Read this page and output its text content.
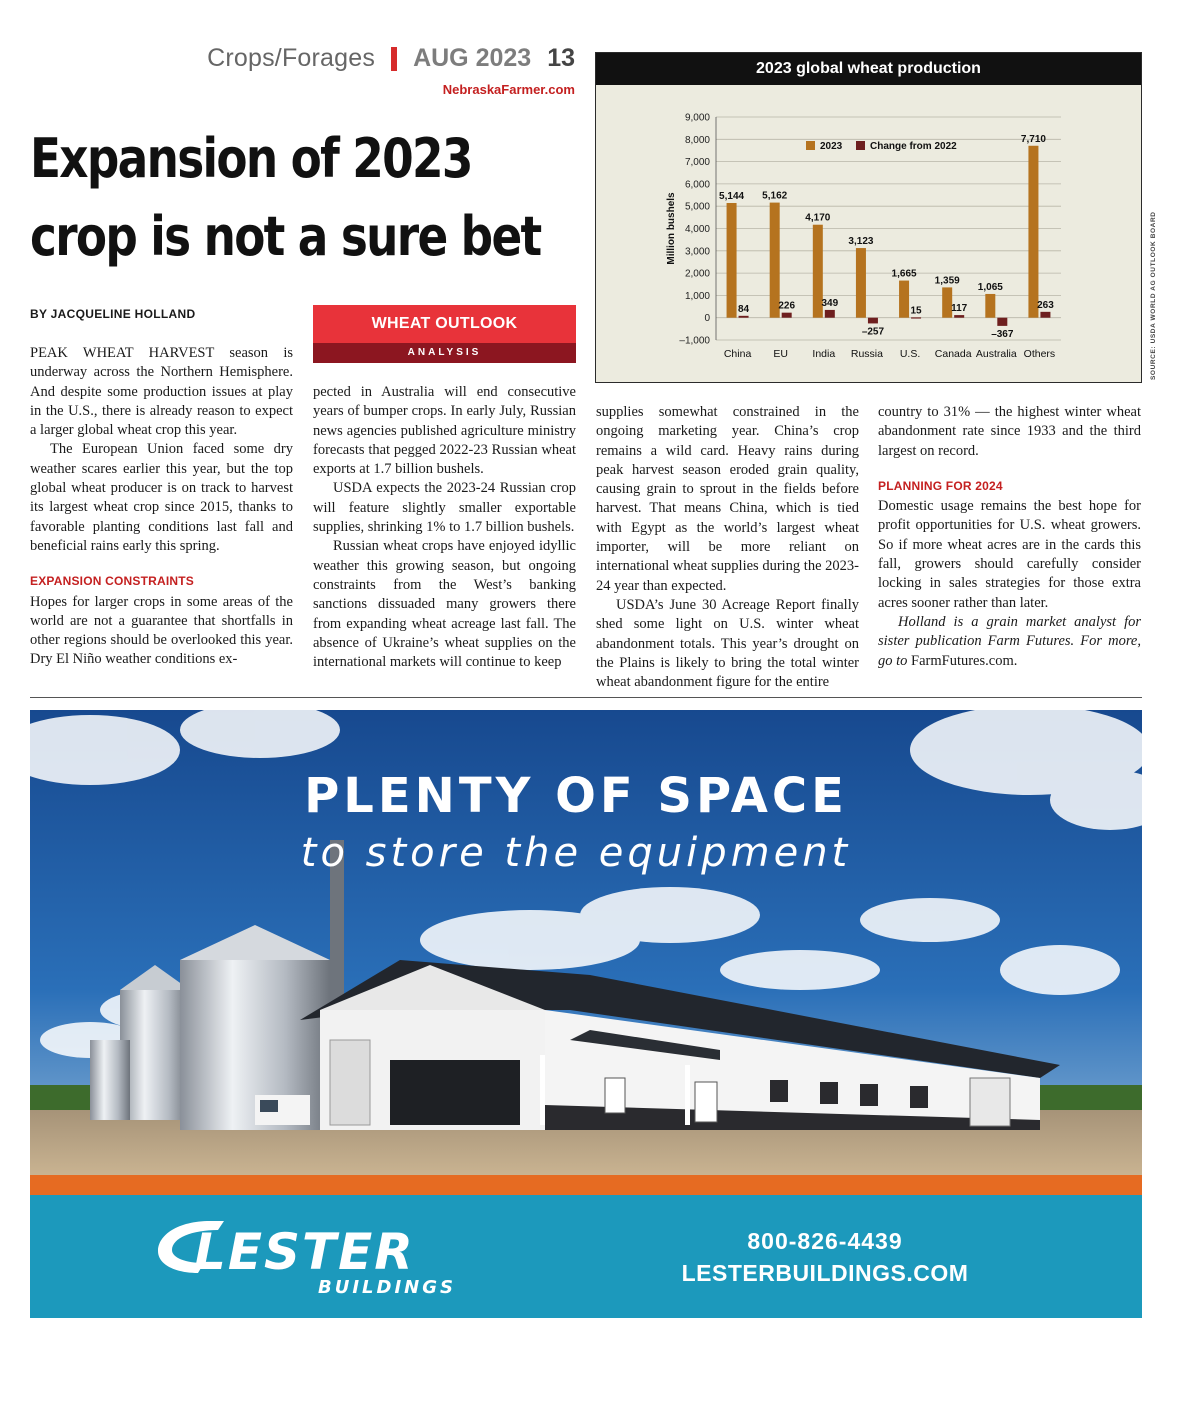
Crops/Forages AUG 2023 13
NebraskaFarmer.com
Expansion of 2023
crop is not a sure bet
BY JACQUELINE HOLLAND
WHEAT OUTLOOK
ANALYSIS

PEAK WHEAT HARVEST season is underway across the Northern Hemisphere. And despite some production issues at play in the U.S., there is already reason to expect a larger global wheat crop this year.

The European Union faced some dry weather scares earlier this year, but the top global wheat producer is on track to harvest its largest wheat crop since 2015, thanks to favorable planting conditions last fall and beneficial rains early this spring.

EXPANSION CONSTRAINTS

Hopes for larger crops in some areas of the world are not a guarantee that shortfalls in other regions should be overlooked this year. Dry El Niño weather conditions ex-

pected in Australia will end consecutive years of bumper crops. In early July, Russian news agencies published agriculture ministry forecasts that pegged 2022-23 Russian wheat exports at 1.7 billion bushels.

USDA expects the 2023-24 Russian crop will feature slightly smaller exportable supplies, shrinking 1% to 1.7 billion bushels.

Russian wheat crops have enjoyed idyllic weather this growing season, but ongoing constraints from the West’s banking sanctions dissuaded many growers there from expanding wheat acreage last fall. The absence of Ukraine’s wheat supplies on the international markets will continue to keep

supplies somewhat constrained in the ongoing marketing year. China’s crop remains a wild card. Heavy rains during peak harvest season eroded grain quality, causing grain to sprout in the fields before harvest. That means China, which is tied with Egypt as the world’s largest wheat importer, will be more reliant on international wheat supplies during the 2023-24 year than expected.

USDA’s June 30 Acreage Report finally shed some light on U.S. winter wheat abandonment totals. This year’s drought on the Plains is likely to bring the total winter wheat abandonment figure for the entire

country to 31% — the highest winter wheat abandonment rate since 1933 and the third largest on record.

PLANNING FOR 2024

Domestic usage remains the best hope for profit opportunities for U.S. wheat growers. So if more wheat acres are in the cards this fall, growers should carefully consider locking in sales strategies for those extra acres sooner rather than later.

Holland is a grain market analyst for sister publication Farm Futures. For more, go to FarmFutures.com.

2023 global wheat production
9,000
8,000
7,000
6,000
5,000
4,000
3,000
2,000
1,000
0
–1,000
Million bushels	5,144
84
China
5,162
226
EU
4,170
349
India
3,123
–257
Russia
1,665
15
U.S.
1,359
117
Canada
1,065
–367
Australia
7,710
263
Others
2023	Change from 2022
SOURCE: USDA WORLD AG OUTLOOK BOARD
PLENTY OF SPACE
to store the equipment
LESTER
BUILDINGS
800-826-4439
LESTERBUILDINGS.COM
